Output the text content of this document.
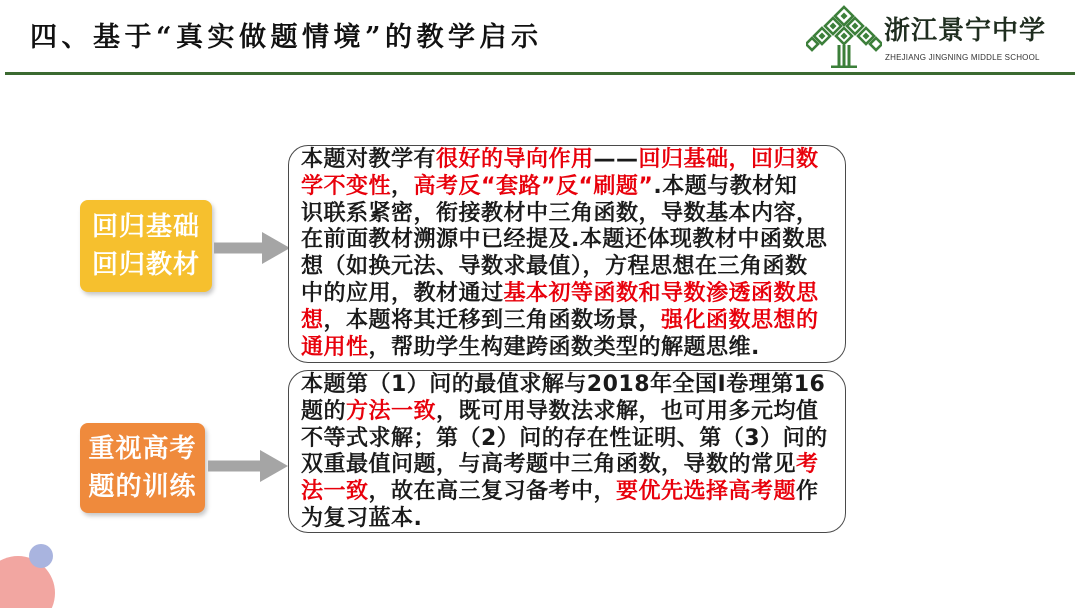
四、基于“真实做题情境”的教学启示	浙江景宁中学
ZHEJIANG JINGNING MIDDLE SCHOOL
回归基础
回归教材
本题对教学有很好的导向作用——回归基础，回归数
学不变性，高考反“套路”反“刷题”.本题与教材知
识联系紧密，衔接教材中三角函数，导数基本内容，
在前面教材溯源中已经提及.本题还体现教材中函数思
想（如换元法、导数求最值），方程思想在三角函数
中的应用，教材通过基本初等函数和导数渗透函数思
想，本题将其迁移到三角函数场景，强化函数思想的
通用性，帮助学生构建跨函数类型的解题思维.
重视高考
题的训练
本题第（1）问的最值求解与2018年全国Ⅰ卷理第16
题的方法一致，既可用导数法求解，也可用多元均值
不等式求解；第（2）问的存在性证明、第（3）问的
双重最值问题，与高考题中三角函数，导数的常见考
法一致，故在高三复习备考中，要优先选择高考题作
为复习蓝本.
